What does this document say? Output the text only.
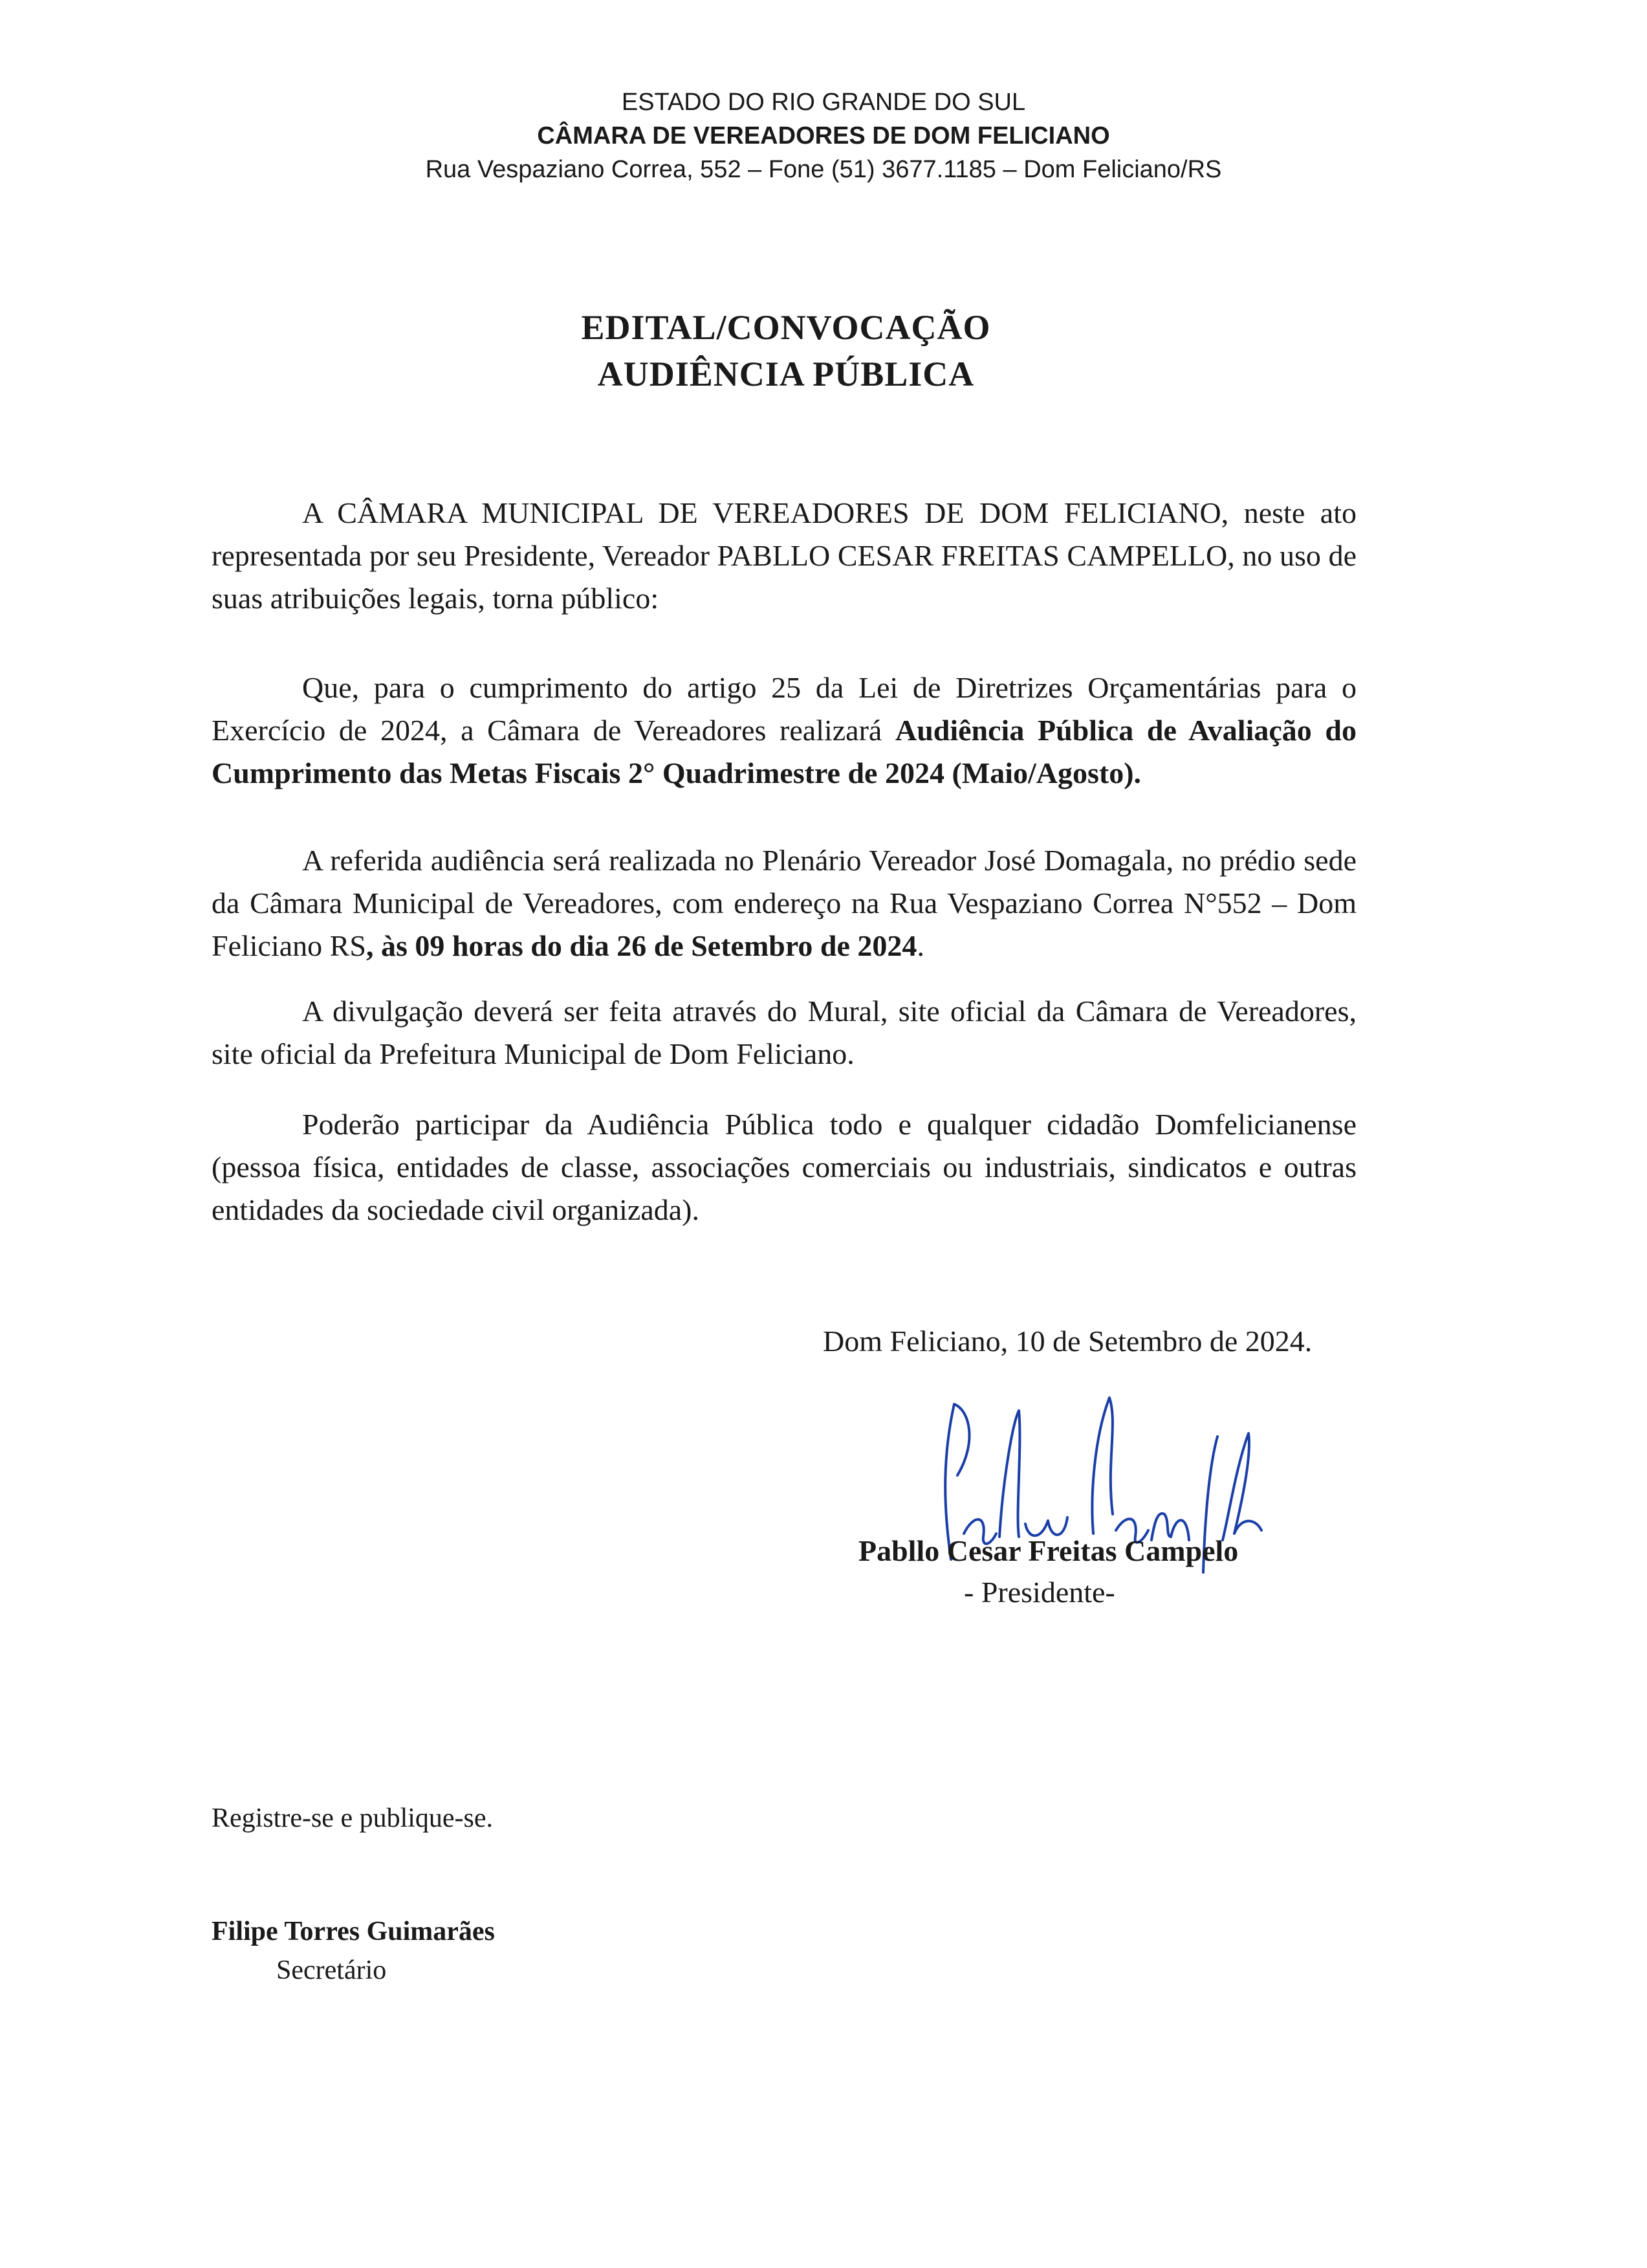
ESTADO DO RIO GRANDE DO SUL
CÂMARA DE VEREADORES DE DOM FELICIANO
Rua Vespaziano Correa, 552 – Fone (51) 3677.1185 – Dom Feliciano/RS
EDITAL/CONVOCAÇÃO
AUDIÊNCIA PÚBLICA

A CÂMARA MUNICIPAL DE VEREADORES DE DOM FELICIANO, neste ato representada por seu Presidente, Vereador PABLLO CESAR FREITAS CAMPELLO, no uso de suas atribuições legais, torna público:

Que, para o cumprimento do artigo 25 da Lei de Diretrizes Orçamentárias para o Exercício de 2024, a Câmara de Vereadores realizará Audiência Pública de Avaliação do Cumprimento das Metas Fiscais 2° Quadrimestre de 2024 (Maio/Agosto).

A referida audiência será realizada no Plenário Vereador José Domagala, no prédio sede da Câmara Municipal de Vereadores, com endereço na Rua Vespaziano Correa N°552 – Dom Feliciano RS, às 09 horas do dia 26 de Setembro de 2024.

A divulgação deverá ser feita através do Mural, site oficial da Câmara de Vereadores, site oficial da Prefeitura Municipal de Dom Feliciano.

Poderão participar da Audiência Pública todo e qualquer cidadão Domfelicianense (pessoa física, entidades de classe, associações comerciais ou industriais, sindicatos e outras entidades da sociedade civil organizada).

Dom Feliciano, 10 de Setembro de 2024.
Pabllo Cesar Freitas Campelo
- Presidente-
Registre-se e publique-se.
Filipe Torres Guimarães
Secretário
